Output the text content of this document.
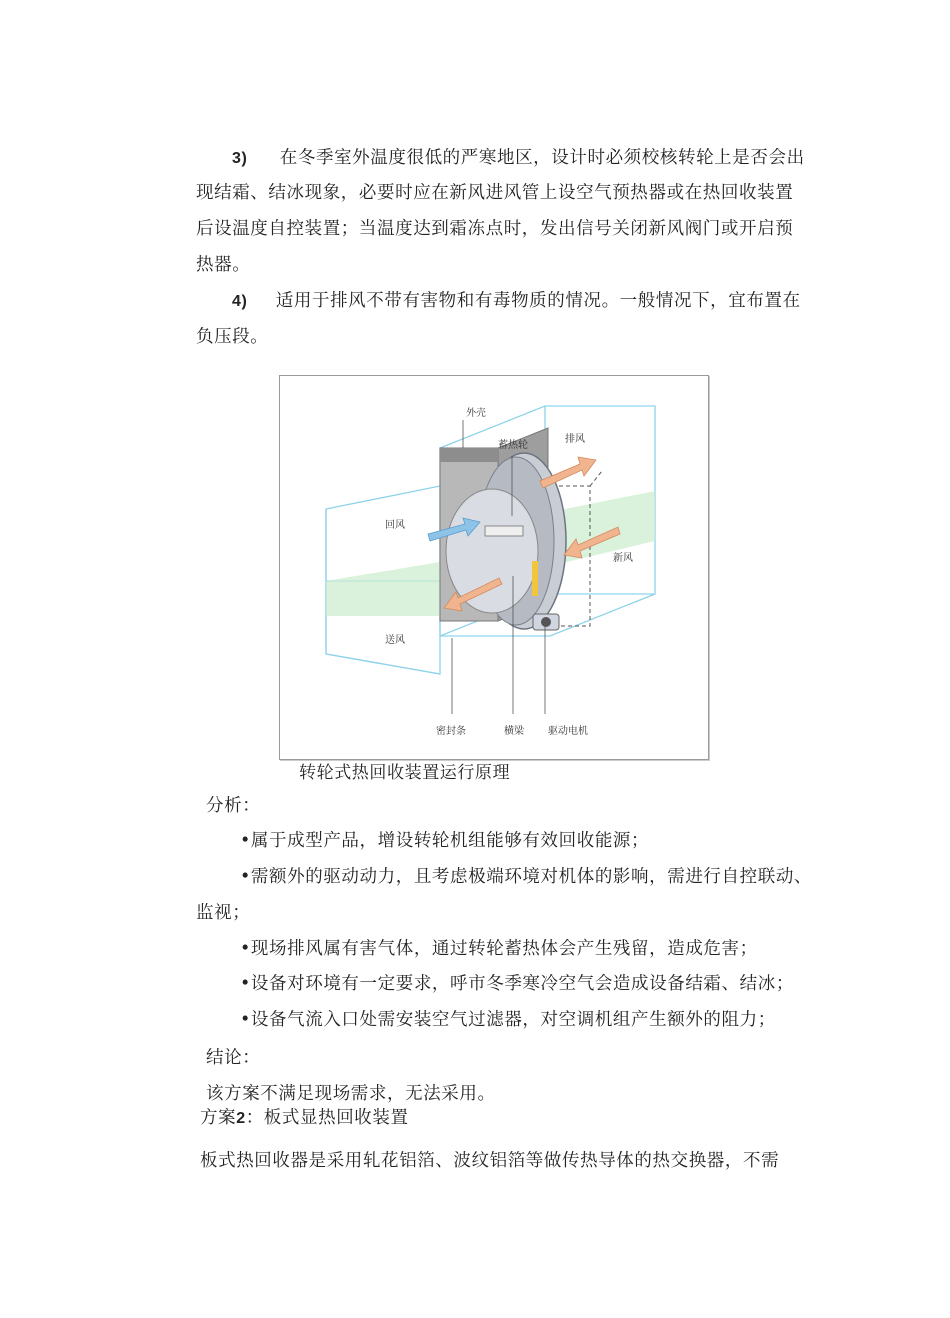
3) 在冬季室外温度很低的严寒地区，设计时必须校核转轮上是否会出
现结霜、结冰现象，必要时应在新风进风管上设空气预热器或在热回收装置
后设温度自控装置；当温度达到霜冻点时，发出信号关闭新风阀门或开启预
热器。
4) 适用于排风不带有害物和有毒物质的情况。一般情况下，宜布置在
负压段。
外壳
蓄热轮
排风
回风
新风
送风
密封条	横梁 驱动电机
转轮式热回收装置运行原理
分析：
•属于成型产品，增设转轮机组能够有效回收能源；
•需额外的驱动动力，且考虑极端环境对机体的影响，需进行自控联动、
监视；
•现场排风属有害气体，通过转轮蓄热体会产生残留，造成危害；
•设备对环境有一定要求，呼市冬季寒冷空气会造成设备结霜、结冰；
•设备气流入口处需安装空气过滤器，对空调机组产生额外的阻力；
结论：
该方案不满足现场需求，无法采用。
方案2：板式显热回收装置
板式热回收器是采用轧花铝箔、波纹铝箔等做传热导体的热交换器，不需
